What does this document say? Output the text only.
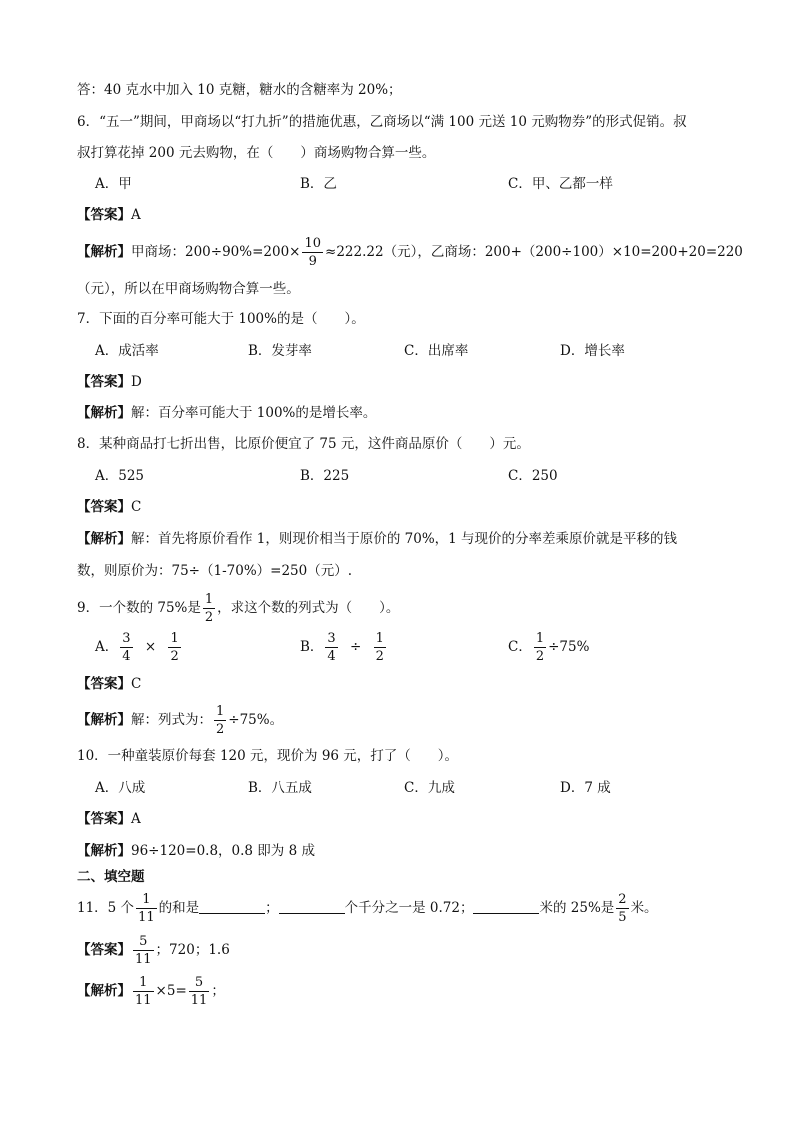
答：40 克水中加入 10 克糖，糖水的含糖率为 20%；
6．“五一”期间，甲商场以“打九折”的措施优惠，乙商场以“满 100 元送 10 元购物券”的形式促销。叔
叔打算花掉 200 元去购物，在（　　）商场购物合算一些。
A．甲	B．乙	C．甲、乙都一样
【答案】A
【解析】甲商场：$200\div 90\%=200\times \frac{10}{9} \approx 222.22$（元），乙商场：200+（200÷100）×10=200+20=220
（元），所以在甲商场购物合算一些。
7．下面的百分率可能大于 100%的是（　　）。
A．成活率	B．发芽率	C．出席率	D．增长率
【答案】D
【解析】解：百分率可能大于 100%的是增长率。
8．某种商品打七折出售，比原价便宜了 75 元，这件商品原价（　　）元。
A．525	B．225	C．250
【答案】C
【解析】解：首先将原价看作 1，则现价相当于原价的 70%，1 与现价的分率差乘原价就是平移的钱
数，则原价为：75÷（1-70%）=250（元）.
9．一个数的 75%是 $\frac{1}{2}$ ，求这个数的列式为（　　）。
A． $\frac{3}{4} \times \frac{1}{2}$	B． $\frac{3}{4} \div \frac{1}{2}$	C． $\frac{1}{2} \div 75\%$
【答案】C
【解析】解：列式为： $\frac{1}{2} \div 75\%$。
10．一种童装原价每套 120 元，现价为 96 元，打了（　　）。
A．八成	B．八五成	C．九成	D．7 成
【答案】A
【解析】96÷120=0.8，0.8 即为 8 成
二、填空题
11．5 个 $\frac{1}{11}$ 的和是	；	个千分之一是 0.72；	米的 25%是 $\frac{2}{5}$ 米。
【答案】 $\frac{5}{11}$ ；720；1.6
【解析】 $\frac{1}{11} \times 5= \frac{5}{11}$ ；
